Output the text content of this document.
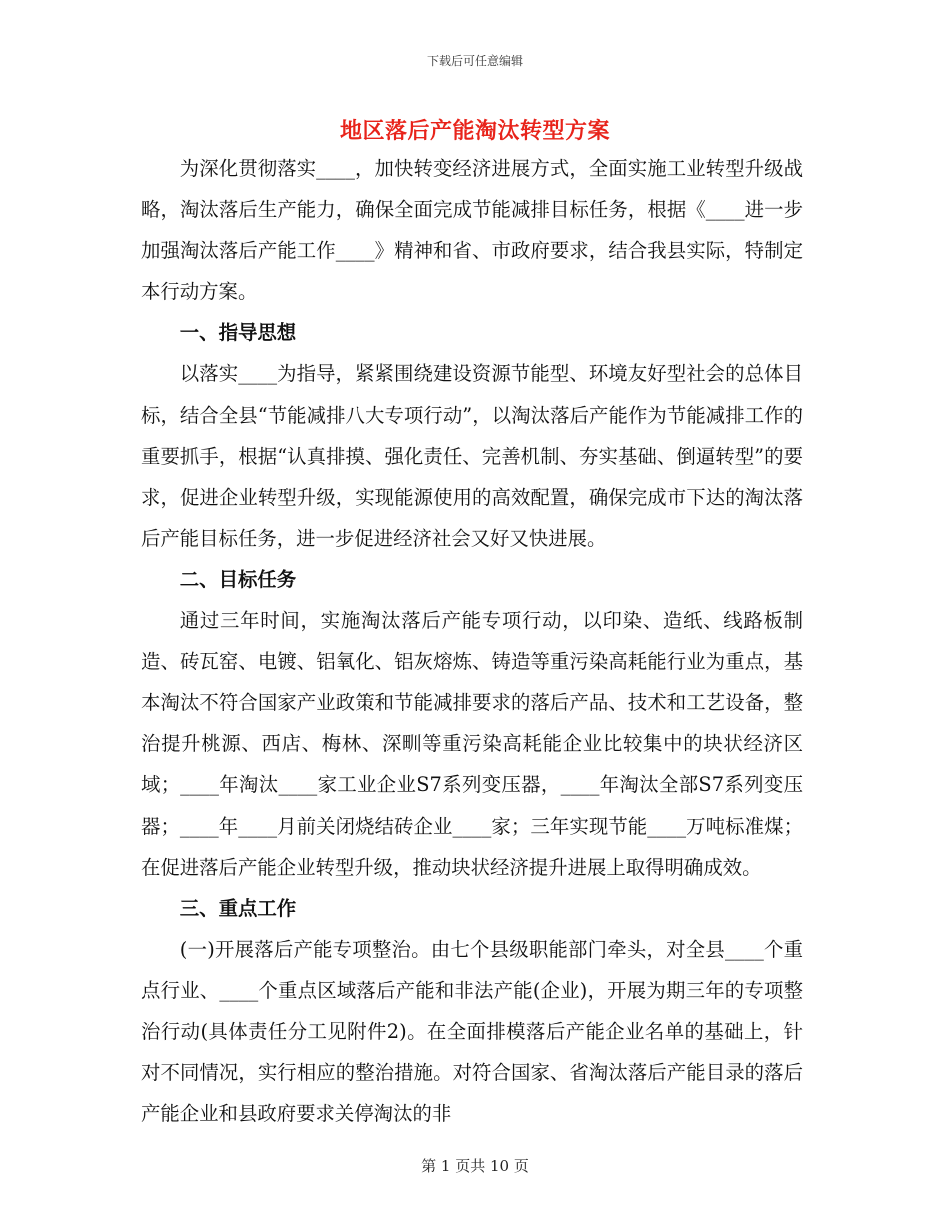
下载后可任意编辑
地区落后产能淘汰转型方案

为深化贯彻落实____，加快转变经济进展方式，全面实施工业转型升级战略，淘汰落后生产能力，确保全面完成节能减排目标任务，根据《____进一步加强淘汰落后产能工作____》精神和省、市政府要求，结合我县实际，特制定本行动方案。

一、指导思想

以落实____为指导，紧紧围绕建设资源节能型、环境友好型社会的总体目标，结合全县“节能减排八大专项行动”，以淘汰落后产能作为节能减排工作的重要抓手，根据“认真排摸、强化责任、完善机制、夯实基础、倒逼转型”的要求，促进企业转型升级，实现能源使用的高效配置，确保完成市下达的淘汰落后产能目标任务，进一步促进经济社会又好又快进展。

二、目标任务

通过三年时间，实施淘汰落后产能专项行动，以印染、造纸、线路板制造、砖瓦窑、电镀、铝氧化、铝灰熔炼、铸造等重污染高耗能行业为重点，基本淘汰不符合国家产业政策和节能减排要求的落后产品、技术和工艺设备，整治提升桃源、西店、梅林、深甽等重污染高耗能企业比较集中的块状经济区域；____年淘汰____家工业企业S7系列变压器，____年淘汰全部S7系列变压器；____年____月前关闭烧结砖企业____家；三年实现节能____万吨标准煤；在促进落后产能企业转型升级，推动块状经济提升进展上取得明确成效。

三、重点工作

(一)开展落后产能专项整治。由七个县级职能部门牵头，对全县____个重点行业、____个重点区域落后产能和非法产能(企业)，开展为期三年的专项整治行动(具体责任分工见附件2)。在全面排模落后产能企业名单的基础上，针对不同情况，实行相应的整治措施。对符合国家、省淘汰落后产能目录的落后产能企业和县政府要求关停淘汰的非

第 1 页共 10 页
